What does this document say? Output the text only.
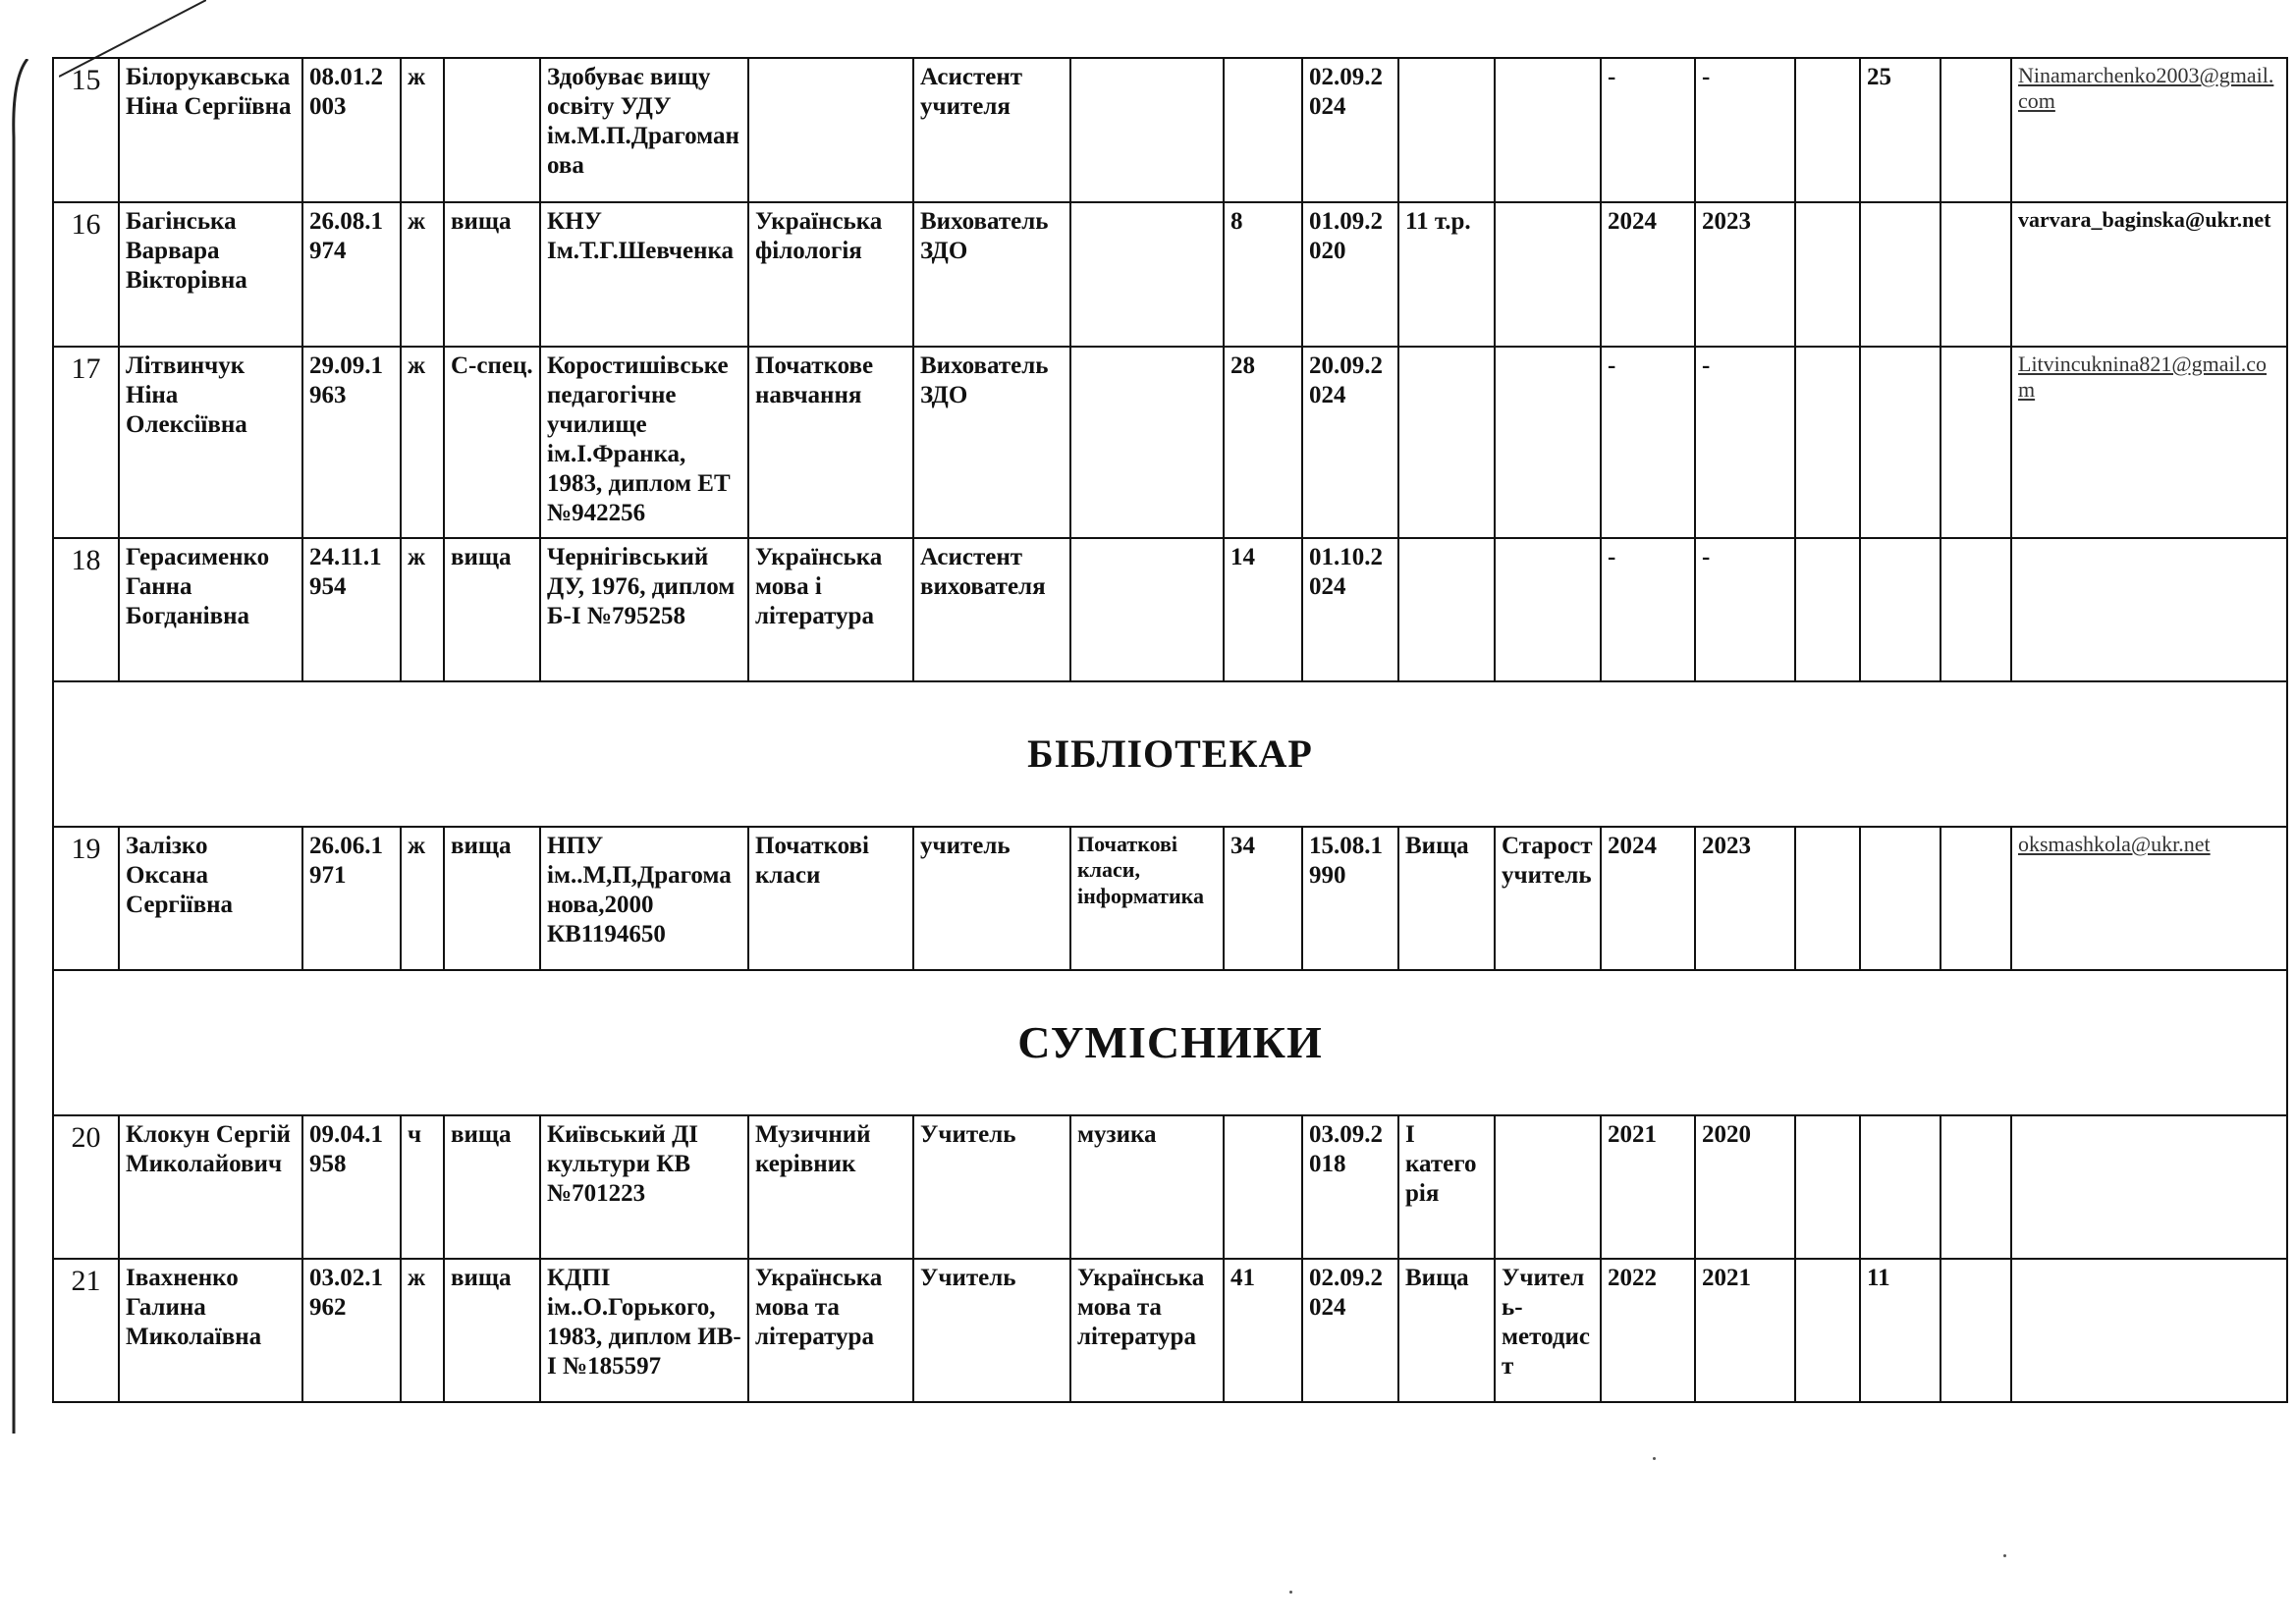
15	Білорукавська Ніна Сергіївна	08.01.2003	ж		Здобуває вищу освіту УДУ ім.М.П.Драгоманова		Асистент учителя			02.09.2024			-	-		25		Ninamarchenko2003@gmail.com
16	Багінська Варвара Вікторівна	26.08.1974	ж	вища	КНУ Ім.Т.Г.Шевченка	Українська філологія	Вихователь ЗДО		8	01.09.2020	11 т.р.		2024	2023				varvara_baginska@ukr.net
17	Літвинчук Ніна Олексіївна	29.09.1963	ж	С-спец.	Коростишівське педагогічне училище ім.І.Франка, 1983, диплом ЕТ №942256	Початкове навчання	Вихователь ЗДО		28	20.09.2024			-	-				Litvincuknina821@gmail.com
18	Герасименко Ганна Богданівна	24.11.1954	ж	вища	Чернігівський ДУ, 1976, диплом Б-І №795258	Українська мова і література	Асистент вихователя		14	01.10.2024			-	-				
БІБЛІОТЕКАР																		
19	Залізко Оксана Сергіївна	26.06.1971	ж	вища	НПУ ім..М,П,Драгоманова,2000 КВ1194650	Початкові класи	учитель	Початкові класи, інформатика	34	15.08.1990	Вища	Старост учитель	2024	2023				oksmashkola@ukr.net
СУМІСНИКИ																		
20	Клокун Сергій Миколайович	09.04.1958	ч	вища	Київський ДІ культури КВ №701223	Музичний керівник	Учитель	музика		03.09.2018	I категорія		2021	2020				
21	Івахненко Галина Миколаївна	03.02.1962	ж	вища	КДПІ ім..О.Горького, 1983, диплом ИВ-І №185597	Українська мова та література	Учитель	Українська мова та література	41	02.09.2024	Вища	Учитель-методист	2022	2021		11		
